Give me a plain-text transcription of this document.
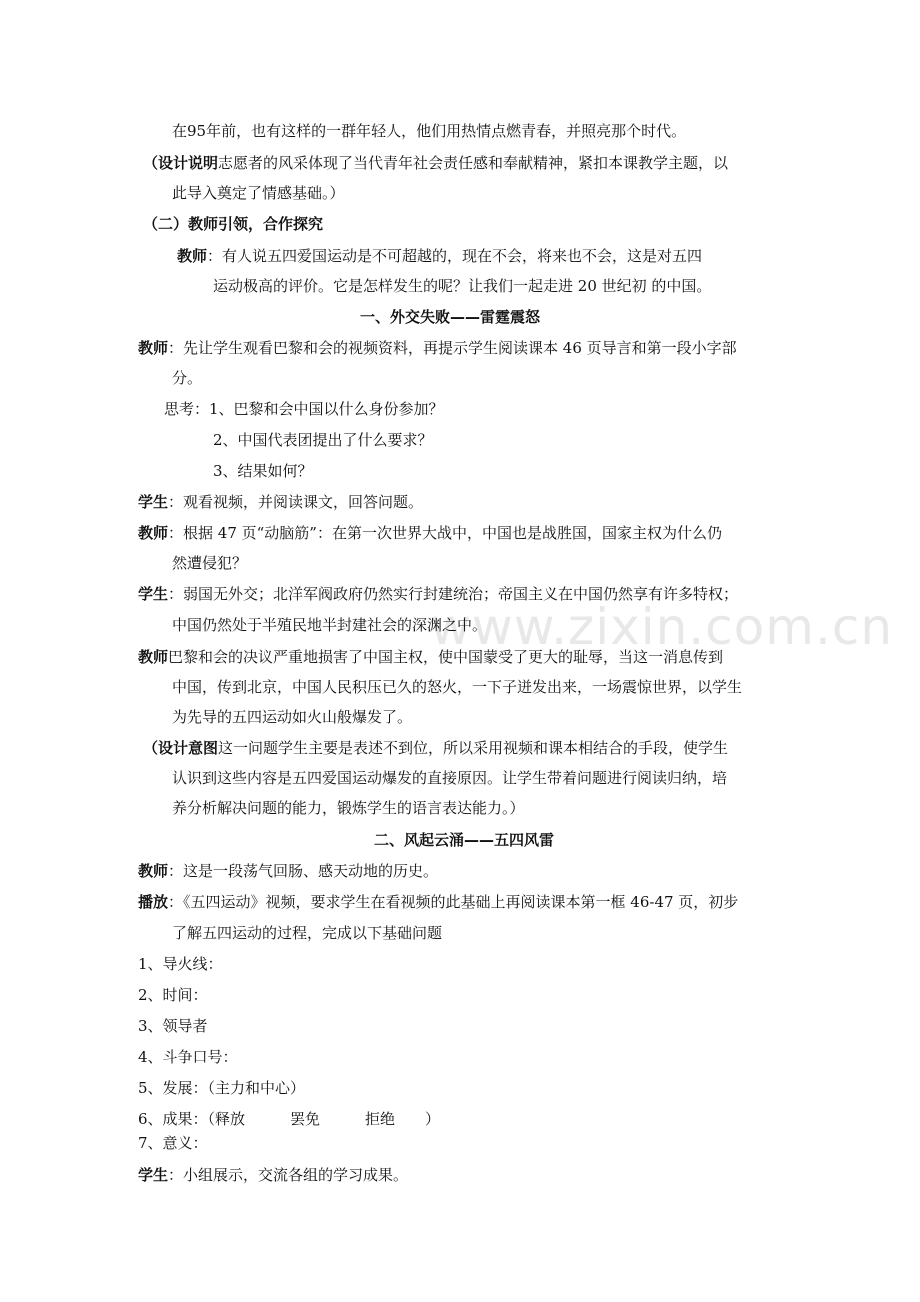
www.zixin.com.cn
在95年前，也有这样的一群年轻人，他们用热情点燃青春，并照亮那个时代。
（设计说明志愿者的风采体现了当代青年社会责任感和奉献精神，紧扣本课教学主题，以
此导入奠定了情感基础。）
（二）教师引领，合作探究
教师：有人说五四爱国运动是不可超越的，现在不会，将来也不会，这是对五四
运动极高的评价。它是怎样发生的呢？让我们一起走进 20 世纪初 的中国。
一、外交失败——雷霆震怒
教师：先让学生观看巴黎和会的视频资料，再提示学生阅读课本 46 页导言和第一段小字部
分。
思考：1、巴黎和会中国以什么身份参加？
2、中国代表团提出了什么要求？
3、结果如何？
学生：观看视频，并阅读课文，回答问题。
教师：根据 47 页“动脑筋”：在第一次世界大战中，中国也是战胜国，国家主权为什么仍
然遭侵犯？
学生：弱国无外交；北洋军阀政府仍然实行封建统治；帝国主义在中国仍然享有许多特权；
中国仍然处于半殖民地半封建社会的深渊之中。
教师巴黎和会的决议严重地损害了中国主权，使中国蒙受了更大的耻辱，当这一消息传到
中国，传到北京，中国人民积压已久的怒火，一下子迸发出来，一场震惊世界，以学生
为先导的五四运动如火山般爆发了。
（设计意图这一问题学生主要是表述不到位，所以采用视频和课本相结合的手段，使学生
认识到这些内容是五四爱国运动爆发的直接原因。让学生带着问题进行阅读归纳，培
养分析解决问题的能力，锻炼学生的语言表达能力。）
二、风起云涌——五四风雷
教师：这是一段荡气回肠、感天动地的历史。
播放：《五四运动》视频，要求学生在看视频的此基础上再阅读课本第一框 46-47 页，初步
了解五四运动的过程，完成以下基础问题
1、导火线：
2、时间：
3、领导者
4、斗争口号：
5、发展：（主力和中心）
6、成果：（释放　　　罢免　　　拒绝　　）
7、意义：
学生：小组展示，交流各组的学习成果。
